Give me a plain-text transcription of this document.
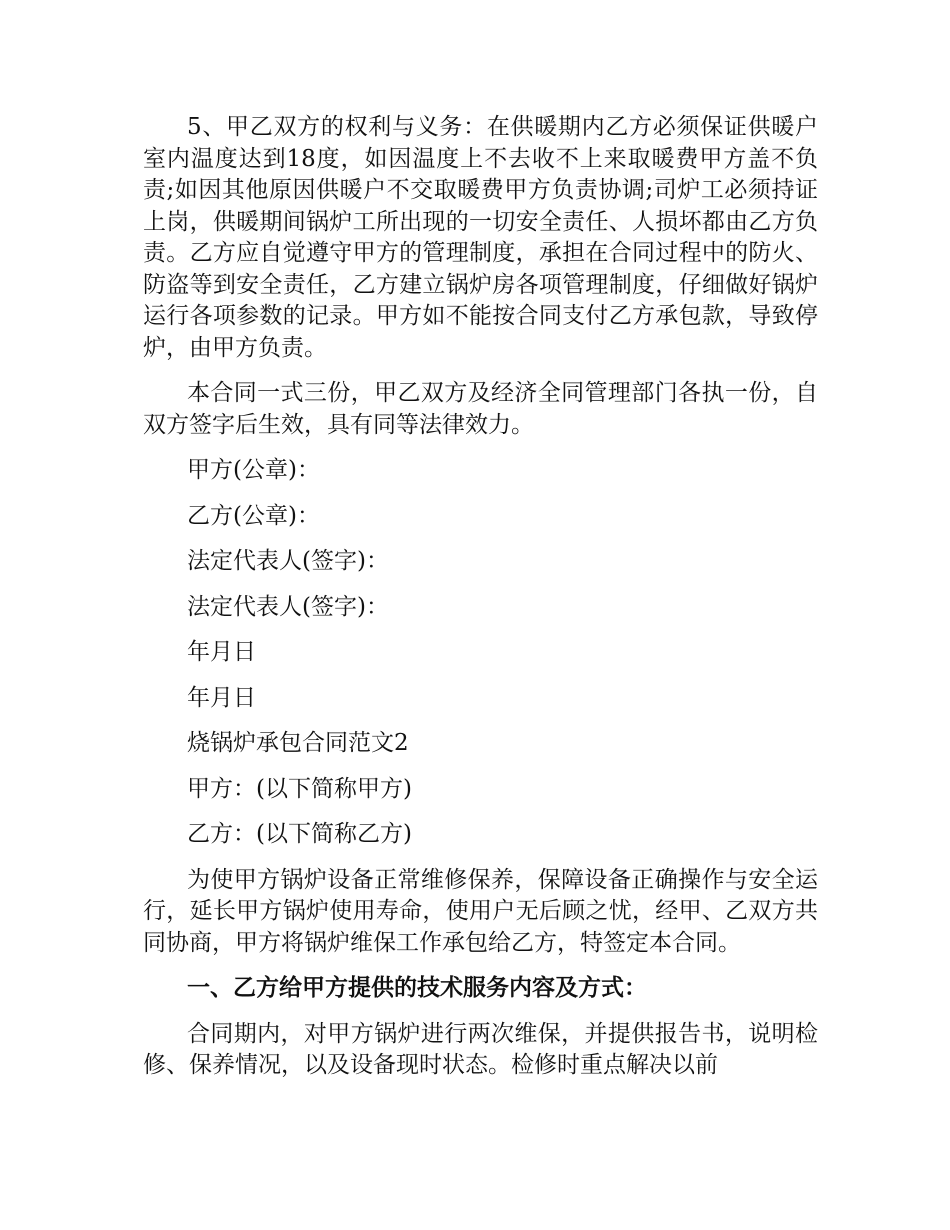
5、甲乙双方的权利与义务：在供暖期内乙方必须保证供暖户室内温度达到18度，如因温度上不去收不上来取暖费甲方盖不负责;如因其他原因供暖户不交取暖费甲方负责协调;司炉工必须持证上岗，供暖期间锅炉工所出现的一切安全责任、人损坏都由乙方负责。乙方应自觉遵守甲方的管理制度，承担在合同过程中的防火、防盗等到安全责任，乙方建立锅炉房各项管理制度，仔细做好锅炉运行各项参数的记录。甲方如不能按合同支付乙方承包款，导致停炉，由甲方负责。

本合同一式三份，甲乙双方及经济全同管理部门各执一份，自双方签字后生效，具有同等法律效力。

甲方(公章)：

乙方(公章)：

法定代表人(签字)：

法定代表人(签字)：

年月日

年月日

烧锅炉承包合同范文2

甲方：(以下简称甲方)

乙方：(以下简称乙方)

为使甲方锅炉设备正常维修保养，保障设备正确操作与安全运行，延长甲方锅炉使用寿命，使用户无后顾之忧，经甲、乙双方共同协商，甲方将锅炉维保工作承包给乙方，特签定本合同。

一、乙方给甲方提供的技术服务内容及方式：

合同期内，对甲方锅炉进行两次维保，并提供报告书，说明检修、保养情况，以及设备现时状态。检修时重点解决以前
